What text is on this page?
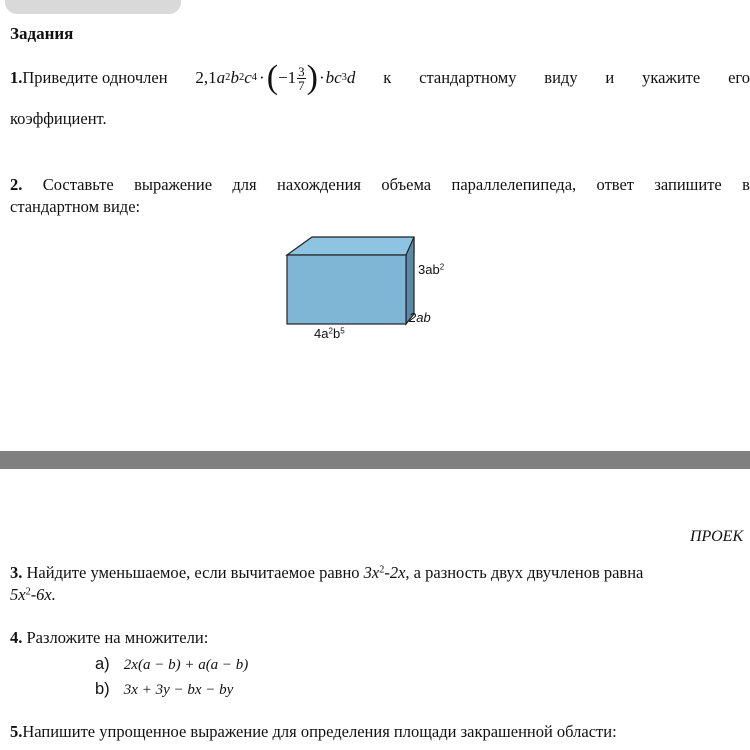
Задания
1.Приведите одночлен 2,1 a 2 b 2 c 4 · ( −1 3
7 ) · b c 3 d к стандартному виду и укажите его
коэффициент.
2. Составьте выражение для нахождения объема параллелепипеда, ответ запишите в
стандартном виде:
$3ab^2$
2ab
$4a^2b^5$
ПРОЕК
3. Найдите уменьшаемое, если вычитаемое равно $3x^2-2x$, а разность двух двучленов равна
$5x^2-6x$.
4. Разложите на множители:
a) 2x(a − b) + a(a − b)
b) 3x + 3y − bx − by
5.Напишите упрощенное выражение для определения площади закрашенной области:
